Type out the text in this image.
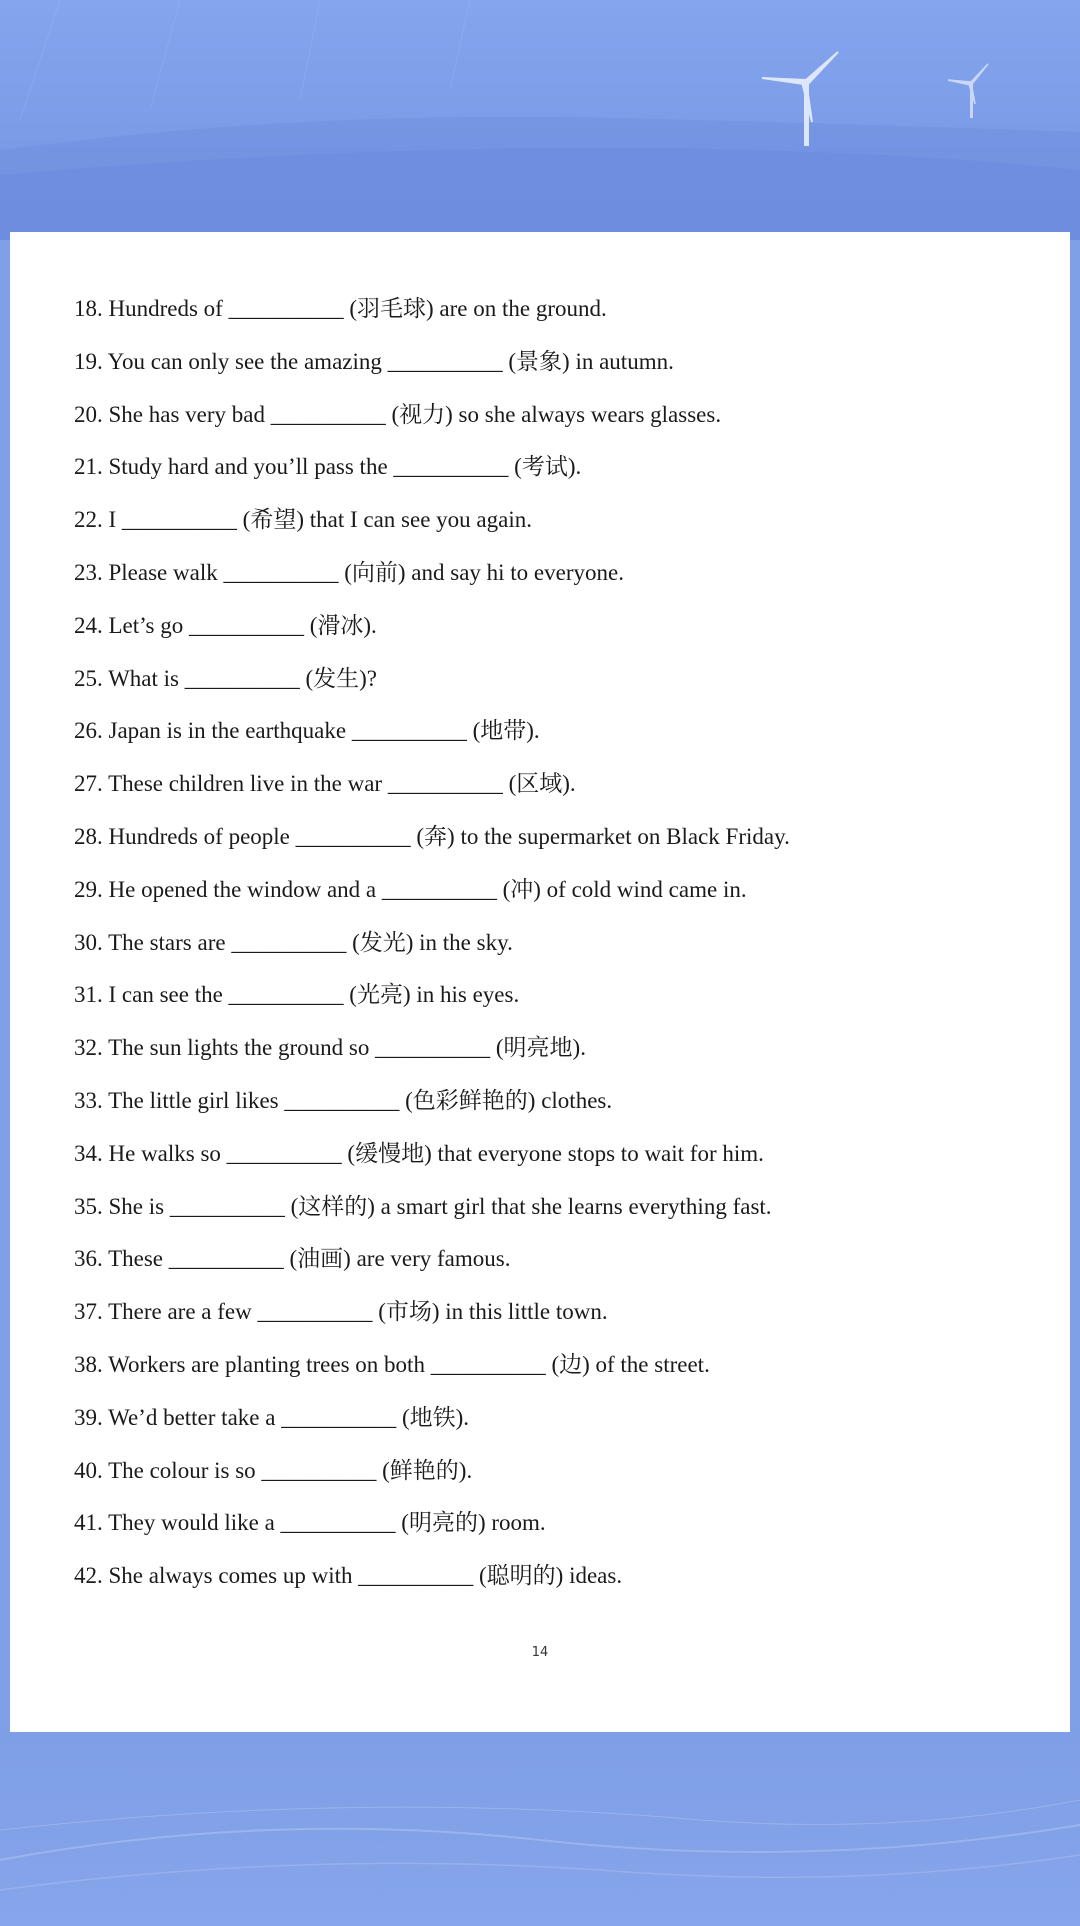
18. Hundreds of __________ (羽毛球) are on the ground.
19. You can only see the amazing __________ (景象) in autumn.
20. She has very bad __________ (视力) so she always wears glasses.
21. Study hard and you’ll pass the __________ (考试).
22. I __________ (希望) that I can see you again.
23. Please walk __________ (向前) and say hi to everyone.
24. Let’s go __________ (滑冰).
25. What is __________ (发生)?
26. Japan is in the earthquake __________ (地带).
27. These children live in the war __________ (区域).
28. Hundreds of people __________ (奔) to the supermarket on Black Friday.
29. He opened the window and a __________ (冲) of cold wind came in.
30. The stars are __________ (发光) in the sky.
31. I can see the __________ (光亮) in his eyes.
32. The sun lights the ground so __________ (明亮地).
33. The little girl likes __________ (色彩鲜艳的) clothes.
34. He walks so __________ (缓慢地) that everyone stops to wait for him.
35. She is __________ (这样的) a smart girl that she learns everything fast.
36. These __________ (油画) are very famous.
37. There are a few __________ (市场) in this little town.
38. Workers are planting trees on both __________ (边) of the street.
39. We’d better take a __________ (地铁).
40. The colour is so __________ (鲜艳的).
41. They would like a __________ (明亮的) room.
42. She always comes up with __________ (聪明的) ideas.
14
